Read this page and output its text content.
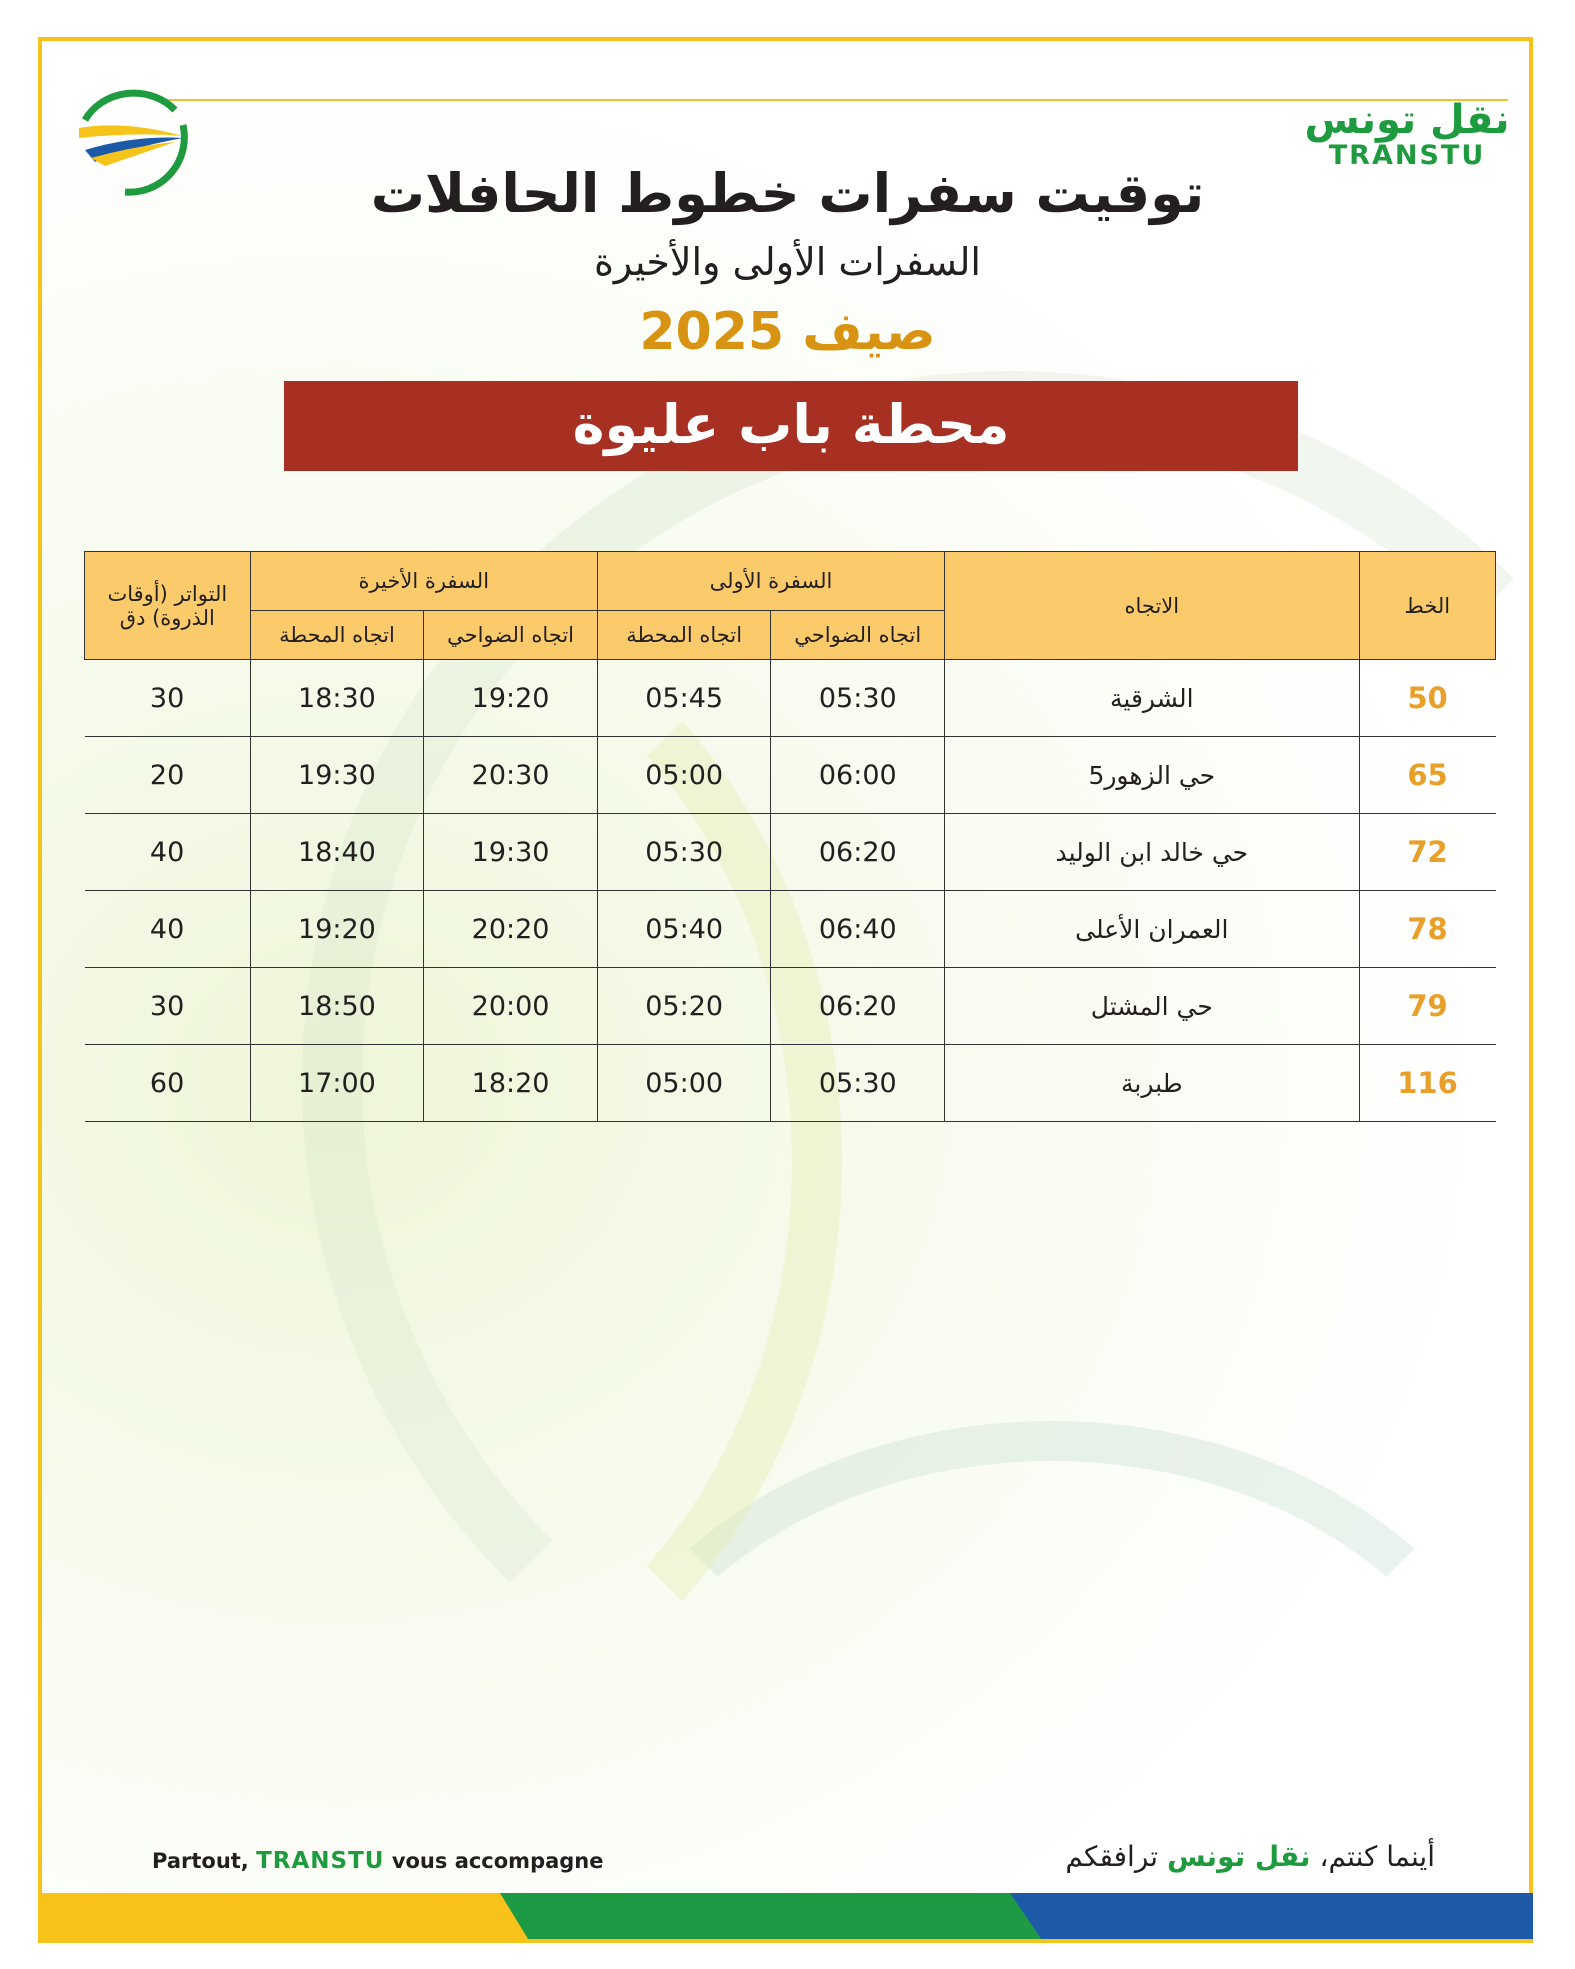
نقل تونس
TRANSTU
توقيت سفرات خطوط الحافلات
السفرات الأولى والأخيرة
صيف 2025
محطة باب عليوة
الخط	الاتجاه	السفرة الأولى		السفرة الأخيرة		التواتر (أوقات الذروة) دق
		اتجاه الضواحي	اتجاه المحطة	اتجاه الضواحي	اتجاه المحطة	
50	الشرقية	05:30	05:45	19:20	18:30	30
65	حي الزهور5	06:00	05:00	20:30	19:30	20
72	حي خالد ابن الوليد	06:20	05:30	19:30	18:40	40
78	العمران الأعلى	06:40	05:40	20:20	19:20	40
79	حي المشتل	06:20	05:20	20:00	18:50	30
116	طبربة	05:30	05:00	18:20	17:00	60
Partout, TRANSTU vous accompagne	أينما كنتم، نقل تونس ترافقكم
